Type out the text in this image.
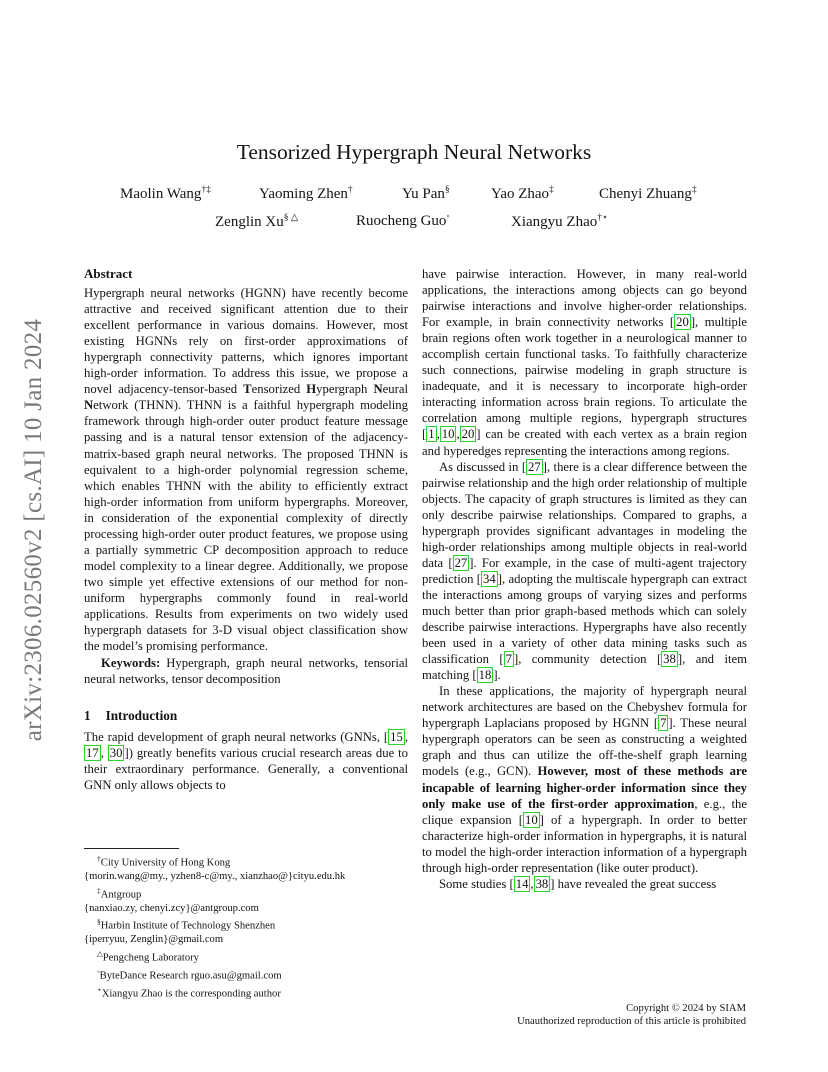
arXiv:2306.02560v2 [cs.AI] 10 Jan 2024
Tensorized Hypergraph Neural Networks
Maolin Wang†‡	Yaoming Zhen†	Yu Pan§	Yao Zhao‡	Chenyi Zhuang‡
Zenglin Xu§ △	Ruocheng Guo◦	Xiangyu Zhao†⋆
Abstract

Hypergraph neural networks (HGNN) have recently become attractive and received significant attention due to their excellent performance in various domains. However, most existing HGNNs rely on first-order approximations of hypergraph connectivity patterns, which ignores important high-order information. To address this issue, we propose a novel adjacency-tensor-based Tensorized Hypergraph Neural Network (THNN). THNN is a faithful hypergraph modeling framework through high-order outer product feature message passing and is a natural tensor extension of the adjacency-matrix-based graph neural networks. The proposed THNN is equivalent to a high-order polynomial regression scheme, which enables THNN with the ability to efficiently extract high-order information from uniform hypergraphs. Moreover, in consideration of the exponential complexity of directly processing high-order outer product features, we propose using a partially symmetric CP decomposition approach to reduce model complexity to a linear degree. Additionally, we propose two simple yet effective extensions of our method for non-uniform hypergraphs commonly found in real-world applications. Results from experiments on two widely used hypergraph datasets for 3-D visual object classification show the model’s promising performance.

Keywords: Hypergraph, graph neural networks, tensorial neural networks, tensor decomposition

1 Introduction

The rapid development of graph neural networks (GNNs, [ 15 , 17 , 30 ]) greatly benefits various crucial research areas due to their extraordinary performance. Generally, a conventional GNN only allows objects to

have pairwise interaction. However, in many real-world applications, the interactions among objects can go beyond pairwise interactions and involve higher-order relationships. For example, in brain connectivity networks [ 20 ], multiple brain regions often work together in a neurological manner to accomplish certain functional tasks. To faithfully characterize such connections, pairwise modeling in graph structure is inadequate, and it is necessary to incorporate high-order interacting information across brain regions. To articulate the correlation among multiple regions, hypergraph structures [ 1 , 10 , 20 ] can be created with each vertex as a brain region and hyperedges representing the interactions among regions.

As discussed in [ 27 ], there is a clear difference between the pairwise relationship and the high order relationship of multiple objects. The capacity of graph structures is limited as they can only describe pairwise relationships. Compared to graphs, a hypergraph provides significant advantages in modeling the high-order relationships among multiple objects in real-world data [ 27 ]. For example, in the case of multi-agent trajectory prediction [ 34 ], adopting the multiscale hypergraph can extract the interactions among groups of varying sizes and performs much better than prior graph-based methods which can solely describe pairwise interactions. Hypergraphs have also recently been used in a variety of other data mining tasks such as classification [ 7 ], community detection [ 38 ], and item matching [ 18 ].

In these applications, the majority of hypergraph neural network architectures are based on the Chebyshev formula for hypergraph Laplacians proposed by HGNN [ 7 ]. These neural hypergraph operators can be seen as constructing a weighted graph and thus can utilize the off-the-shelf graph learning models (e.g., GCN). However, most of these methods are incapable of learning higher-order information since they only make use of the first-order approximation, e.g., the clique expansion [ 10 ] of a hypergraph. In order to better characterize high-order information in hypergraphs, it is natural to model the high-order interaction information of a hypergraph through high-order representation (like outer product).

Some studies [ 14 , 38 ] have revealed the great success

†City University of Hong Kong
{morin.wang@my., yzhen8-c@my., xianzhao@}cityu.edu.hk
‡Antgroup
{nanxiao.zy, chenyi.zcy}@antgroup.com
§Harbin Institute of Technology Shenzhen
{iperryuu, Zenglin}@gmail.com
△Pengcheng Laboratory
◦ByteDance Research rguo.asu@gmail.com
⋆Xiangyu Zhao is the corresponding author
Copyright © 2024 by SIAM
Unauthorized reproduction of this article is prohibited
